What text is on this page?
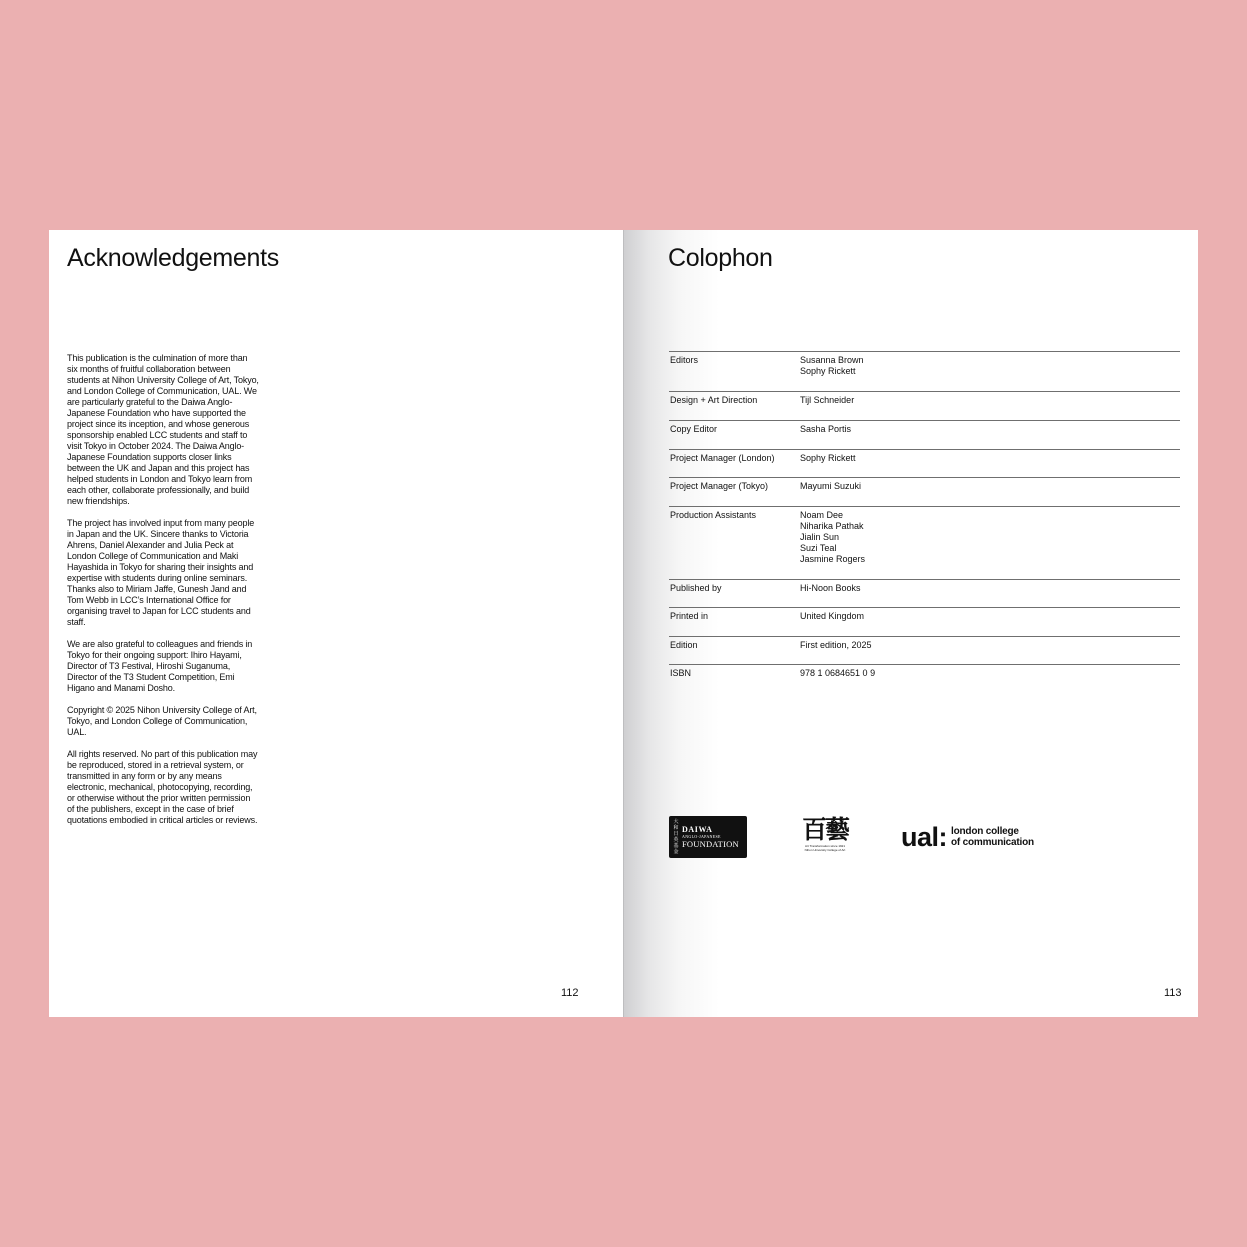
Acknowledgements

This publication is the culmination of more than six months of fruitful collaboration between students at Nihon University College of Art, Tokyo, and London College of Communication, UAL. We are particularly grateful to the Daiwa Anglo-Japanese Foundation who have supported the project since its inception, and whose generous sponsorship enabled LCC students and staff to visit Tokyo in October 2024. The Daiwa Anglo-Japanese Foundation supports closer links between the UK and Japan and this project has helped students in London and Tokyo learn from each other, collaborate professionally, and build new friendships.

The project has involved input from many people in Japan and the UK. Sincere thanks to Victoria Ahrens, Daniel Alexander and Julia Peck at London College of Communication and Maki Hayashida in Tokyo for sharing their insights and expertise with students during online seminars. Thanks also to Miriam Jaffe, Gunesh Jand and Tom Webb in LCC’s International Office for organising travel to Japan for LCC students and staff.

We are also grateful to colleagues and friends in Tokyo for their ongoing support: Ihiro Hayami, Director of T3 Festival, Hiroshi Suganuma, Director of the T3 Student Competition, Emi Higano and Manami Dosho.

Copyright © 2025 Nihon University College of Art, Tokyo, and London College of Communication, UAL.

All rights reserved. No part of this publication may be reproduced, stored in a retrieval system, or transmitted in any form or by any means electronic, mechanical, photocopying, recording, or otherwise without the prior written permission of the publishers, except in the case of brief quotations embodied in critical articles or reviews.

112
Colophon
Editors	Susanna Brown
Sophy Rickett
Design + Art Direction	Tijl Schneider
Copy Editor	Sasha Portis
Project Manager (London)	Sophy Rickett
Project Manager (Tokyo)	Mayumi Suzuki
Production Assistants	Noam Dee
Niharika Pathak
Jialin Sun
Suzi Teal
Jasmine Rogers
Published by	Hi-Noon Books
Printed in	United Kingdom
Edition	First edition, 2025
ISBN	978 1 0684651 0 9
大和日英基金
DAIWA
ANGLO-JAPANESE
FOUNDATION	百藝
Art Transformation since 1921
Nihon University College of Art ual: london college
of communication
113
